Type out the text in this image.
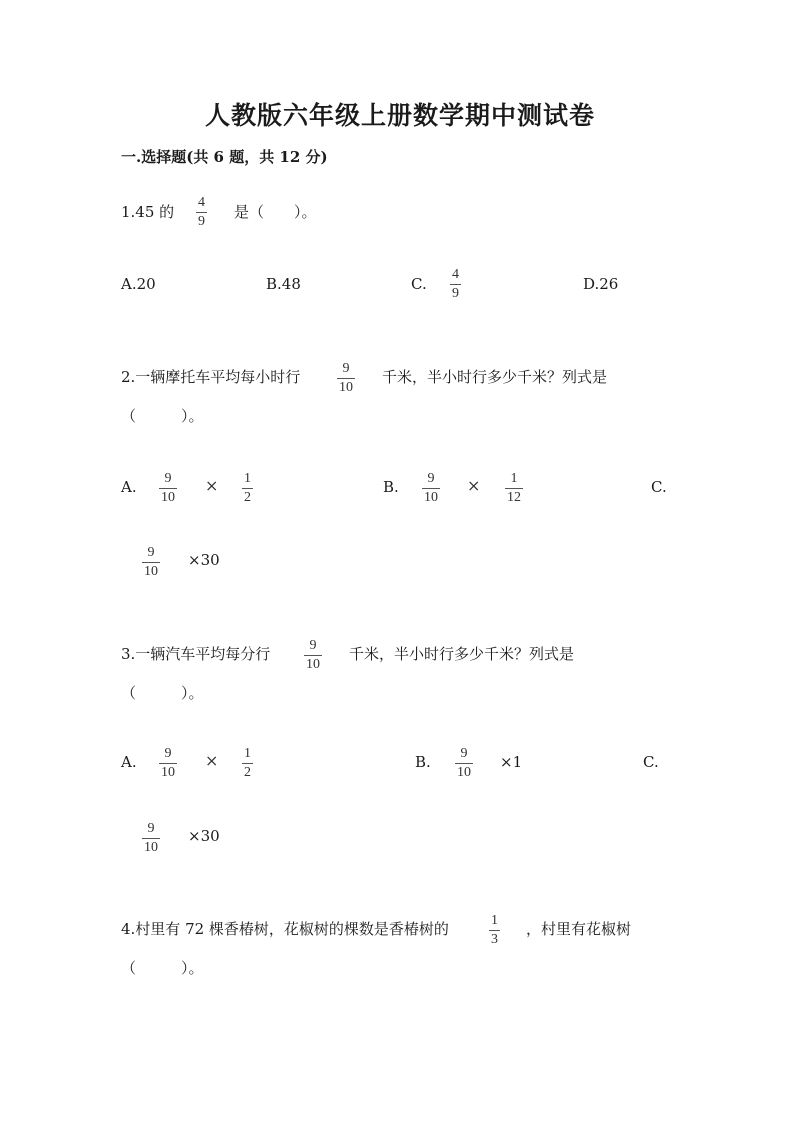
人教版六年级上册数学期中测试卷
一.选择题(共 6 题，共 12 分)
1.45 的 $\frac{4}{9}$ 是（　　）。
A.20	B.48	C. $\frac{4}{9}$	D.26
2.一辆摩托车平均每小时行	$\frac{9}{10}$ 千米，半小时行多少千米？列式是
（　　　）。
A. $\frac{9}{10} \times \frac{1}{2}$	B. $\frac{9}{10} \times \frac{1}{12}$	C.
$\frac{9}{10} \times 30$
3.一辆汽车平均每分行 $\frac{9}{10}$ 千米，半小时行多少千米？列式是
（　　　）。
A. $\frac{9}{10} \times \frac{1}{2}$	B. $\frac{9}{10} \times 1$	C.
$\frac{9}{10} \times 30$
4.村里有 72 棵香椿树，花椒树的棵数是香椿树的	$\frac{1}{3}$ ，村里有花椒树
（　　　）。
